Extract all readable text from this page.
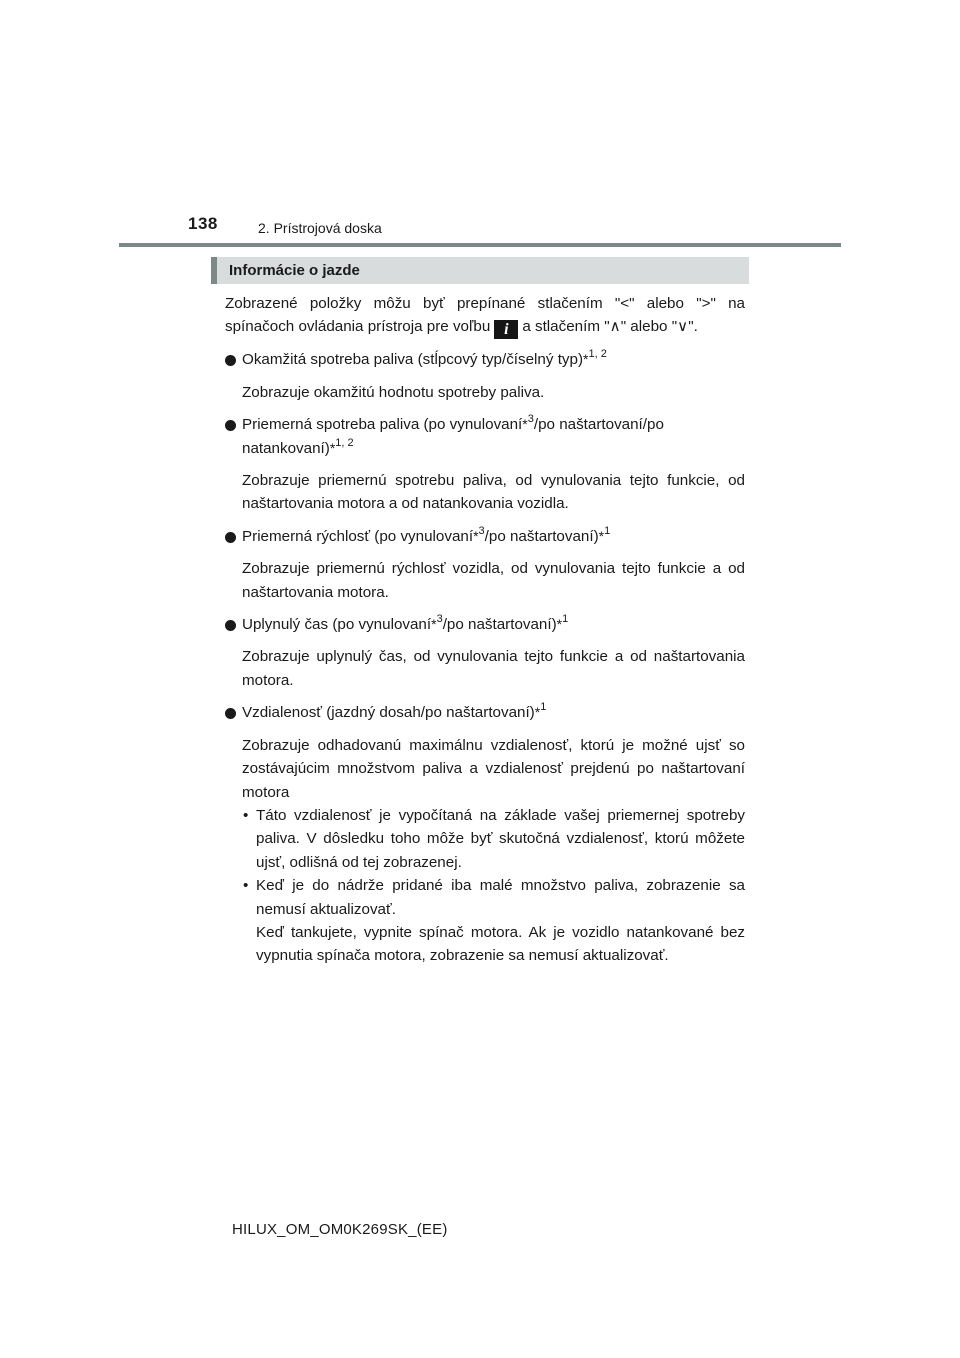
138	2. Prístrojová doska
Informácie o jazde

Zobrazené položky môžu byť prepínané stlačením "<" alebo ">" na spínačoch ovládania prístroja pre voľbu i a stlačením "∧" alebo "∨".

Okamžitá spotreba paliva (stĺpcový typ/číselný typ)*$^{1, 2}$
Zobrazuje okamžitú hodnotu spotreby paliva.
Priemerná spotreba paliva (po vynulovaní*$^3$/po naštartovaní/po natankovaní)*$^{1, 2}$
Zobrazuje priemernú spotrebu paliva, od vynulovania tejto funkcie, od naštartovania motora a od natankovania vozidla.
Priemerná rýchlosť (po vynulovaní*$^3$/po naštartovaní)*$^1$
Zobrazuje priemernú rýchlosť vozidla, od vynulovania tejto funkcie a od naštartovania motora.
Uplynulý čas (po vynulovaní*$^3$/po naštartovaní)*$^1$
Zobrazuje uplynulý čas, od vynulovania tejto funkcie a od naštartovania motora.
Vzdialenosť (jazdný dosah/po naštartovaní)*$^1$
Zobrazuje odhadovanú maximálnu vzdialenosť, ktorú je možné ujsť so zostávajúcim množstvom paliva a vzdialenosť prejdenú po naštartovaní motora
• Táto vzdialenosť je vypočítaná na základe vašej priemernej spotreby paliva. V dôsledku toho môže byť skutočná vzdialenosť, ktorú môžete ujsť, odlišná od tej zobrazenej.
• Keď je do nádrže pridané iba malé množstvo paliva, zobrazenie sa nemusí aktualizovať.
Keď tankujete, vypnite spínač motora. Ak je vozidlo natankované bez vypnutia spínača motora, zobrazenie sa nemusí aktualizovať.
HILUX_OM_OM0K269SK_(EE)
